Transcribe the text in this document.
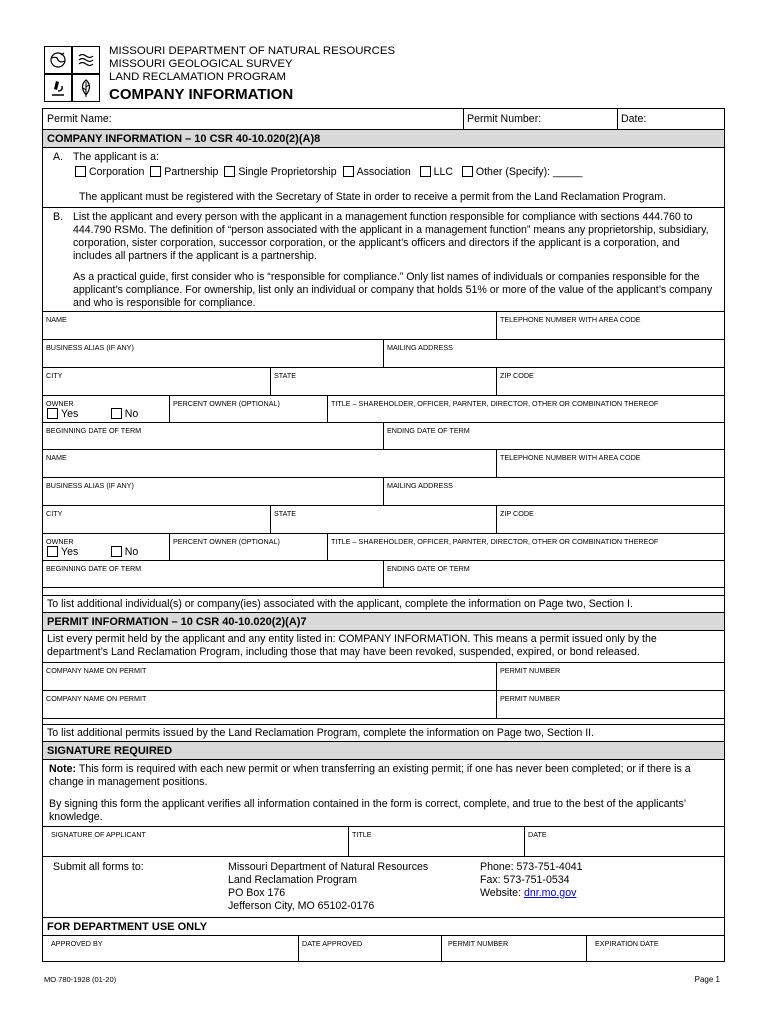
MISSOURI DEPARTMENT OF NATURAL RESOURCES
MISSOURI GEOLOGICAL SURVEY
LAND RECLAMATION PROGRAM
COMPANY INFORMATION
Permit Name:	Permit Number:	Date:
COMPANY INFORMATION – 10 CSR 40-10.020(2)(A)8
A. The applicant is a:
Corporation Partnership Single Proprietorship Association LLC Other (Specify): _____
The applicant must be registered with the Secretary of State in order to receive a permit from the Land Reclamation Program.
B. List the applicant and every person with the applicant in a management function responsible for compliance with sections 444.760 to 444.790 RSMo. The definition of “person associated with the applicant in a management function” means any proprietorship, subsidiary, corporation, sister corporation, successor corporation, or the applicant’s officers and directors if the applicant is a corporation, and includes all partners if the applicant is a partnership.
As a practical guide, first consider who is “responsible for compliance.” Only list names of individuals or companies responsible for the applicant’s compliance. For ownership, list only an individual or company that holds 51% or more of the value of the applicant’s company and who is responsible for compliance.
NAME	TELEPHONE NUMBER WITH AREA CODE
BUSINESS ALIAS (IF ANY)	MAILING ADDRESS
CITY	STATE	ZIP CODE
OWNER
Yes	No
PERCENT OWNER (OPTIONAL)	TITLE – SHAREHOLDER, OFFICER, PARNTER, DIRECTOR, OTHER OR COMBINATION THEREOF
BEGINNING DATE OF TERM	ENDING DATE OF TERM
NAME	TELEPHONE NUMBER WITH AREA CODE
BUSINESS ALIAS (IF ANY)	MAILING ADDRESS
CITY	STATE	ZIP CODE
OWNER
Yes	No
PERCENT OWNER (OPTIONAL)	TITLE – SHAREHOLDER, OFFICER, PARNTER, DIRECTOR, OTHER OR COMBINATION THEREOF
BEGINNING DATE OF TERM	ENDING DATE OF TERM
To list additional individual(s) or company(ies) associated with the applicant, complete the information on Page two, Section I.
PERMIT INFORMATION – 10 CSR 40-10.020(2)(A)7
List every permit held by the applicant and any entity listed in: COMPANY INFORMATION. This means a permit issued only by the department’s Land Reclamation Program, including those that may have been revoked, suspended, expired, or bond released.
COMPANY NAME ON PERMIT	PERMIT NUMBER
COMPANY NAME ON PERMIT	PERMIT NUMBER
To list additional permits issued by the Land Reclamation Program, complete the information on Page two, Section II.
SIGNATURE REQUIRED
Note: This form is required with each new permit or when transferring an existing permit; if one has never been completed; or if there is a change in management positions.
By signing this form the applicant verifies all information contained in the form is correct, complete, and true to the best of the applicants’ knowledge.
SIGNATURE OF APPLICANT	TITLE	DATE
Submit all forms to:	Missouri Department of Natural Resources
Land Reclamation Program
PO Box 176
Jefferson City, MO 65102-0176
Phone: 573-751-4041
Fax: 573-751-0534
Website: dnr.mo.gov
FOR DEPARTMENT USE ONLY
APPROVED BY	DATE APPROVED	PERMIT NUMBER	EXPIRATION DATE
MO 780-1928 (01-20)	Page 1
